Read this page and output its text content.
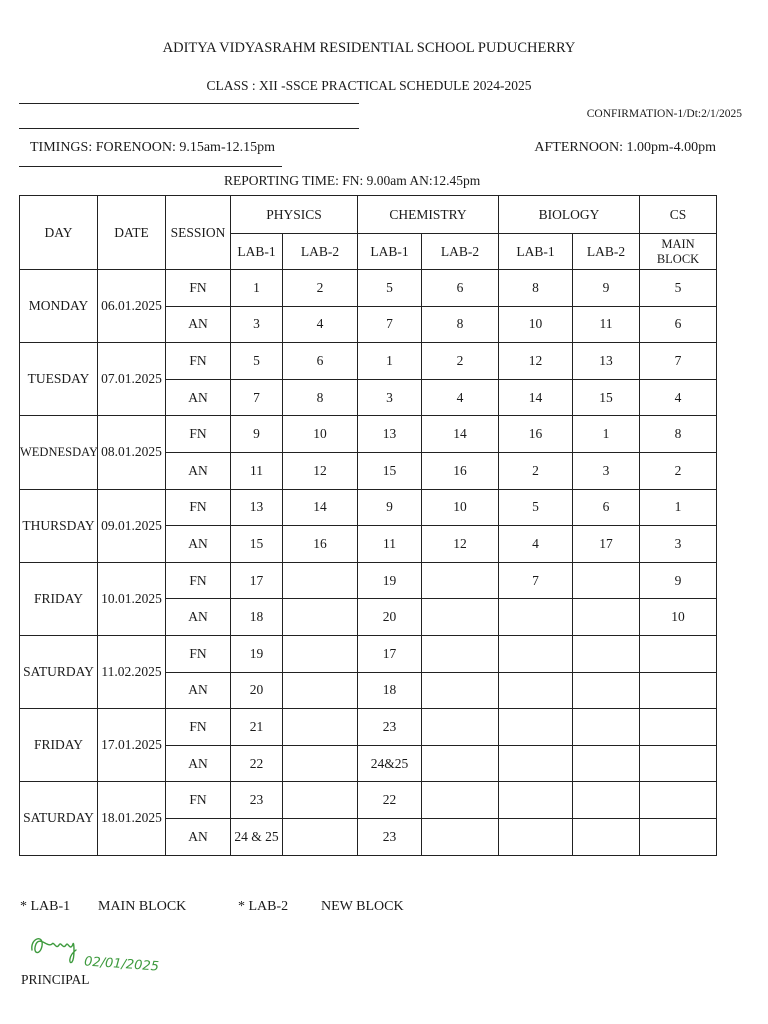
ADITYA VIDYASRAHM RESIDENTIAL SCHOOL PUDUCHERRY
CLASS : XII -SSCE PRACTICAL SCHEDULE 2024-2025
CONFIRMATION-1/Dt:2/1/2025
TIMINGS: FORENOON: 9.15am-12.15pm	AFTERNOON: 1.00pm-4.00pm
REPORTING TIME: FN: 9.00am AN:12.45pm
DAY	DATE	SESSION	PHYSICS		CHEMISTRY		BIOLOGY		CS
			LAB-1	LAB-2	LAB-1	LAB-2	LAB-1	LAB-2	MAIN BLOCK
MONDAY	06.01.2025	FN	1	2	5	6	8	9	5
		AN	3	4	7	8	10	11	6
TUESDAY	07.01.2025	FN	5	6	1	2	12	13	7
		AN	7	8	3	4	14	15	4
WEDNESDAY	08.01.2025	FN	9	10	13	14	16	1	8
		AN	11	12	15	16	2	3	2
THURSDAY	09.01.2025	FN	13	14	9	10	5	6	1
		AN	15	16	11	12	4	17	3
FRIDAY	10.01.2025	FN	17		19		7		9
		AN	18		20				10
SATURDAY	11.02.2025	FN	19		17				
		AN	20		18				
FRIDAY	17.01.2025	FN	21		23				
		AN	22		24&25				
SATURDAY	18.01.2025	FN	23		22				
		AN	24 & 25		23				
* LAB-1 MAIN BLOCK	* LAB-2 NEW BLOCK
02/01/2025
PRINCIPAL
